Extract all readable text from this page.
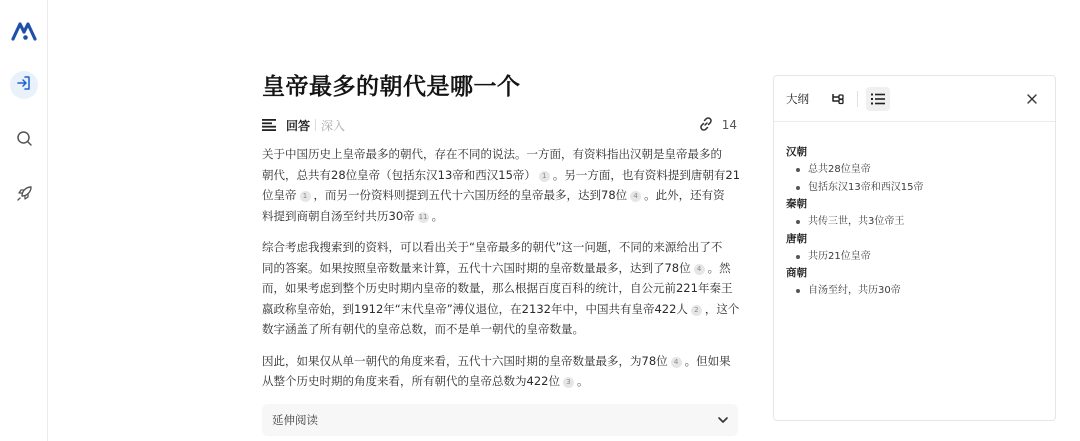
皇帝最多的朝代是哪一个
回答 深入	14

关于中国历史上皇帝最多的朝代，存在不同的说法。一方面，有资料指出汉朝是皇帝最多的
朝代，总共有28位皇帝（包括东汉13帝和西汉15帝） 1 。另一方面，也有资料提到唐朝有21
位皇帝 1 ，而另一份资料则提到五代十六国历经的皇帝最多，达到78位 4 。此外，还有资
料提到商朝自汤至纣共历30帝 11 。

综合考虑我搜索到的资料，可以看出关于“皇帝最多的朝代”这一问题，不同的来源给出了不
同的答案。如果按照皇帝数量来计算，五代十六国时期的皇帝数量最多，达到了78位 4 。然
而，如果考虑到整个历史时期内皇帝的数量，那么根据百度百科的统计，自公元前221年秦王
嬴政称皇帝始，到1912年“末代皇帝”溥仪退位，在2132年中，中国共有皇帝422人 2 ，这个
数字涵盖了所有朝代的皇帝总数，而不是单一朝代的皇帝数量。

因此，如果仅从单一朝代的角度来看，五代十六国时期的皇帝数量最多，为78位 4 。但如果
从整个历史时期的角度来看，所有朝代的皇帝总数为422位 3 。

延伸阅读
大纲
汉朝
总共28位皇帝
包括东汉13帝和西汉15帝
秦朝
共传三世，共3位帝王
唐朝
共历21位皇帝
商朝
自汤至纣，共历30帝
